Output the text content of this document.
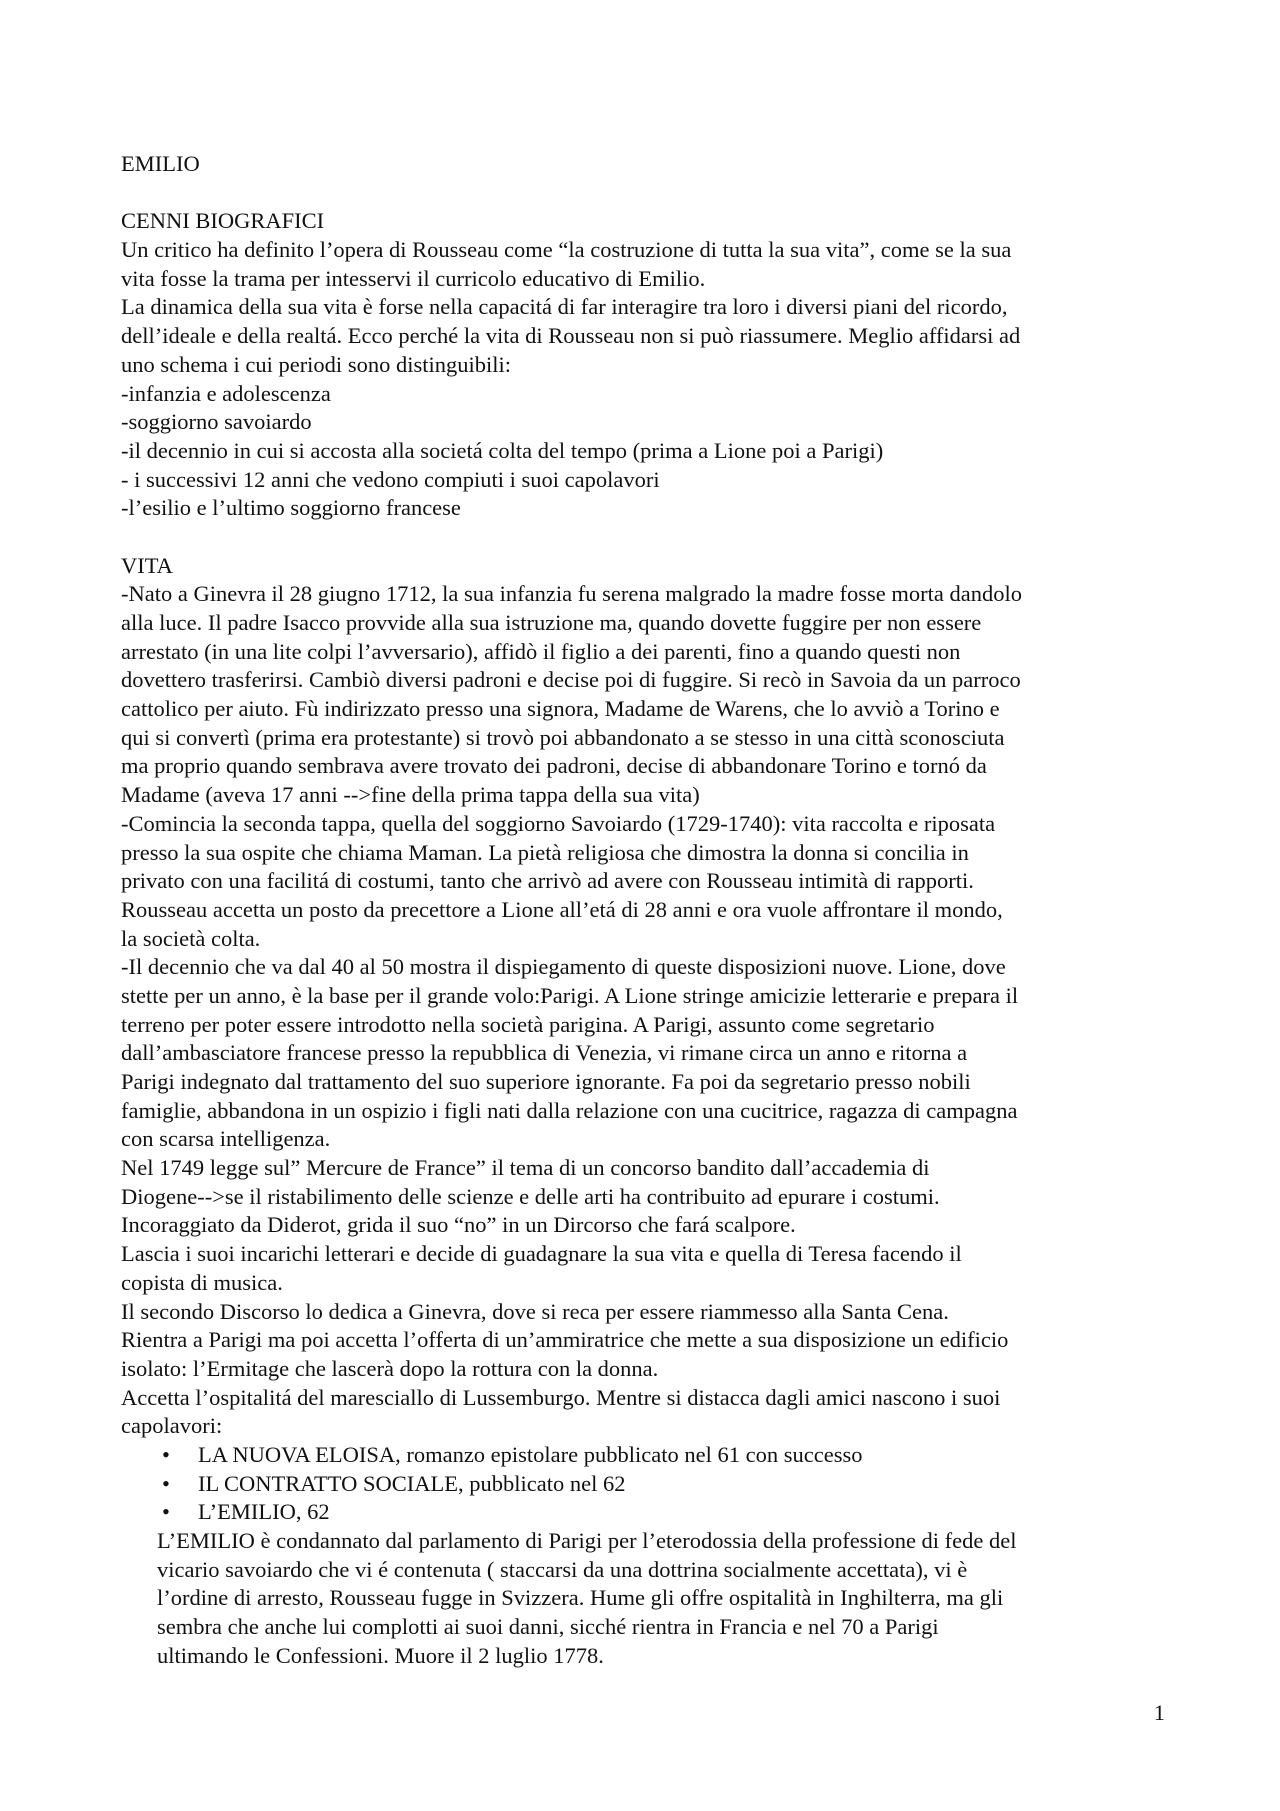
EMILIO
CENNI BIOGRAFICI
Un critico ha definito l’opera di Rousseau come “la costruzione di tutta la sua vita”, come se la sua
vita fosse la trama per intesservi il curricolo educativo di Emilio.
La dinamica della sua vita è forse nella capacitá di far interagire tra loro i diversi piani del ricordo,
dell’ideale e della realtá. Ecco perché la vita di Rousseau non si può riassumere. Meglio affidarsi ad
uno schema i cui periodi sono distinguibili:
-infanzia e adolescenza
-soggiorno savoiardo
-il decennio in cui si accosta alla societá colta del tempo (prima a Lione poi a Parigi)
- i successivi 12 anni che vedono compiuti i suoi capolavori
-l’esilio e l’ultimo soggiorno francese
VITA
-Nato a Ginevra il 28 giugno 1712, la sua infanzia fu serena malgrado la madre fosse morta dandolo
alla luce. Il padre Isacco provvide alla sua istruzione ma, quando dovette fuggire per non essere
arrestato (in una lite colpi l’avversario), affidò il figlio a dei parenti, fino a quando questi non
dovettero trasferirsi. Cambiò diversi padroni e decise poi di fuggire. Si recò in Savoia da un parroco
cattolico per aiuto. Fù indirizzato presso una signora, Madame de Warens, che lo avviò a Torino e
qui si convertì (prima era protestante) si trovò poi abbandonato a se stesso in una città sconosciuta
ma proprio quando sembrava avere trovato dei padroni, decise di abbandonare Torino e tornó da
Madame (aveva 17 anni -->fine della prima tappa della sua vita)
-Comincia la seconda tappa, quella del soggiorno Savoiardo (1729-1740): vita raccolta e riposata
presso la sua ospite che chiama Maman. La pietà religiosa che dimostra la donna si concilia in
privato con una facilitá di costumi, tanto che arrivò ad avere con Rousseau intimità di rapporti.
Rousseau accetta un posto da precettore a Lione all’etá di 28 anni e ora vuole affrontare il mondo,
la società colta.
-Il decennio che va dal 40 al 50 mostra il dispiegamento di queste disposizioni nuove. Lione, dove
stette per un anno, è la base per il grande volo:Parigi. A Lione stringe amicizie letterarie e prepara il
terreno per poter essere introdotto nella società parigina. A Parigi, assunto come segretario
dall’ambasciatore francese presso la repubblica di Venezia, vi rimane circa un anno e ritorna a
Parigi indegnato dal trattamento del suo superiore ignorante. Fa poi da segretario presso nobili
famiglie, abbandona in un ospizio i figli nati dalla relazione con una cucitrice, ragazza di campagna
con scarsa intelligenza.
Nel 1749 legge sul” Mercure de France” il tema di un concorso bandito dall’accademia di
Diogene-->se il ristabilimento delle scienze e delle arti ha contribuito ad epurare i costumi.
Incoraggiato da Diderot, grida il suo “no” in un Dircorso che fará scalpore.
Lascia i suoi incarichi letterari e decide di guadagnare la sua vita e quella di Teresa facendo il
copista di musica.
Il secondo Discorso lo dedica a Ginevra, dove si reca per essere riammesso alla Santa Cena.
Rientra a Parigi ma poi accetta l’offerta di un’ammiratrice che mette a sua disposizione un edificio
isolato: l’Ermitage che lascerà dopo la rottura con la donna.
Accetta l’ospitalitá del maresciallo di Lussemburgo. Mentre si distacca dagli amici nascono i suoi
capolavori:
• LA NUOVA ELOISA, romanzo epistolare pubblicato nel 61 con successo
• IL CONTRATTO SOCIALE, pubblicato nel 62
• L’EMILIO, 62
L’EMILIO è condannato dal parlamento di Parigi per l’eterodossia della professione di fede del
vicario savoiardo che vi é contenuta ( staccarsi da una dottrina socialmente accettata), vi è
l’ordine di arresto, Rousseau fugge in Svizzera. Hume gli offre ospitalità in Inghilterra, ma gli
sembra che anche lui complotti ai suoi danni, sicché rientra in Francia e nel 70 a Parigi
ultimando le Confessioni. Muore il 2 luglio 1778.
1
